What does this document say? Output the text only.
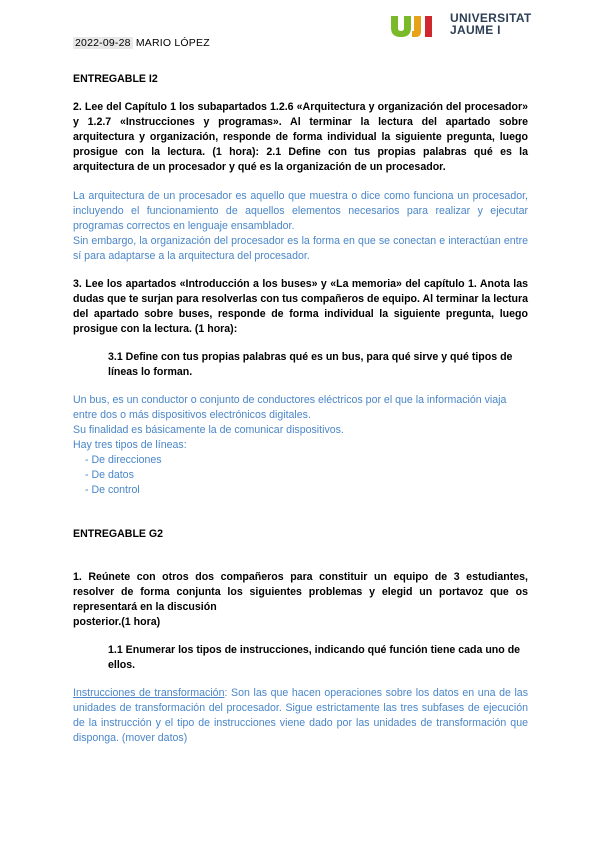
2022-09-28 MARIO LÓPEZ
UNIVERSITAT
JAUME I
ENTREGABLE I2
2. Lee del Capítulo 1 los subapartados 1.2.6 «Arquitectura y organización del procesador» y 1.2.7 «Instrucciones y programas». Al terminar la lectura del apartado sobre arquitectura y organización, responde de forma individual la siguiente pregunta, luego prosigue con la lectura. (1 hora): 2.1 Define con tus propias palabras qué es la arquitectura de un procesador y qué es la organización de un procesador.
La arquitectura de un procesador es aquello que muestra o dice como funciona un procesador, incluyendo el funcionamiento de aquellos elementos necesarios para realizar y ejecutar programas correctos en lenguaje ensamblador.
Sin embargo, la organización del procesador es la forma en que se conectan e interactúan entre sí para adaptarse a la arquitectura del procesador.
3. Lee los apartados «Introducción a los buses» y «La memoria» del capítulo 1. Anota las dudas que te surjan para resolverlas con tus compañeros de equipo. Al terminar la lectura del apartado sobre buses, responde de forma individual la siguiente pregunta, luego prosigue con la lectura. (1 hora):
3.1 Define con tus propias palabras qué es un bus, para qué sirve y qué tipos de líneas lo forman.
Un bus, es un conductor o conjunto de conductores eléctricos por el que la información viaja entre dos o más dispositivos electrónicos digitales.
Su finalidad es básicamente la de comunicar dispositivos.
Hay tres tipos de líneas:
- De direcciones
- De datos
- De control
ENTREGABLE G2
1. Reúnete con otros dos compañeros para constituir un equipo de 3 estudiantes, resolver de forma conjunta los siguientes problemas y elegid un portavoz que os representará en la discusión
posterior.(1 hora)
1.1 Enumerar los tipos de instrucciones, indicando qué función tiene cada uno de ellos.
Instrucciones de transformación: Son las que hacen operaciones sobre los datos en una de las unidades de transformación del procesador. Sigue estrictamente las tres subfases de ejecución de la instrucción y el tipo de instrucciones viene dado por las unidades de transformación que disponga. (mover datos)
